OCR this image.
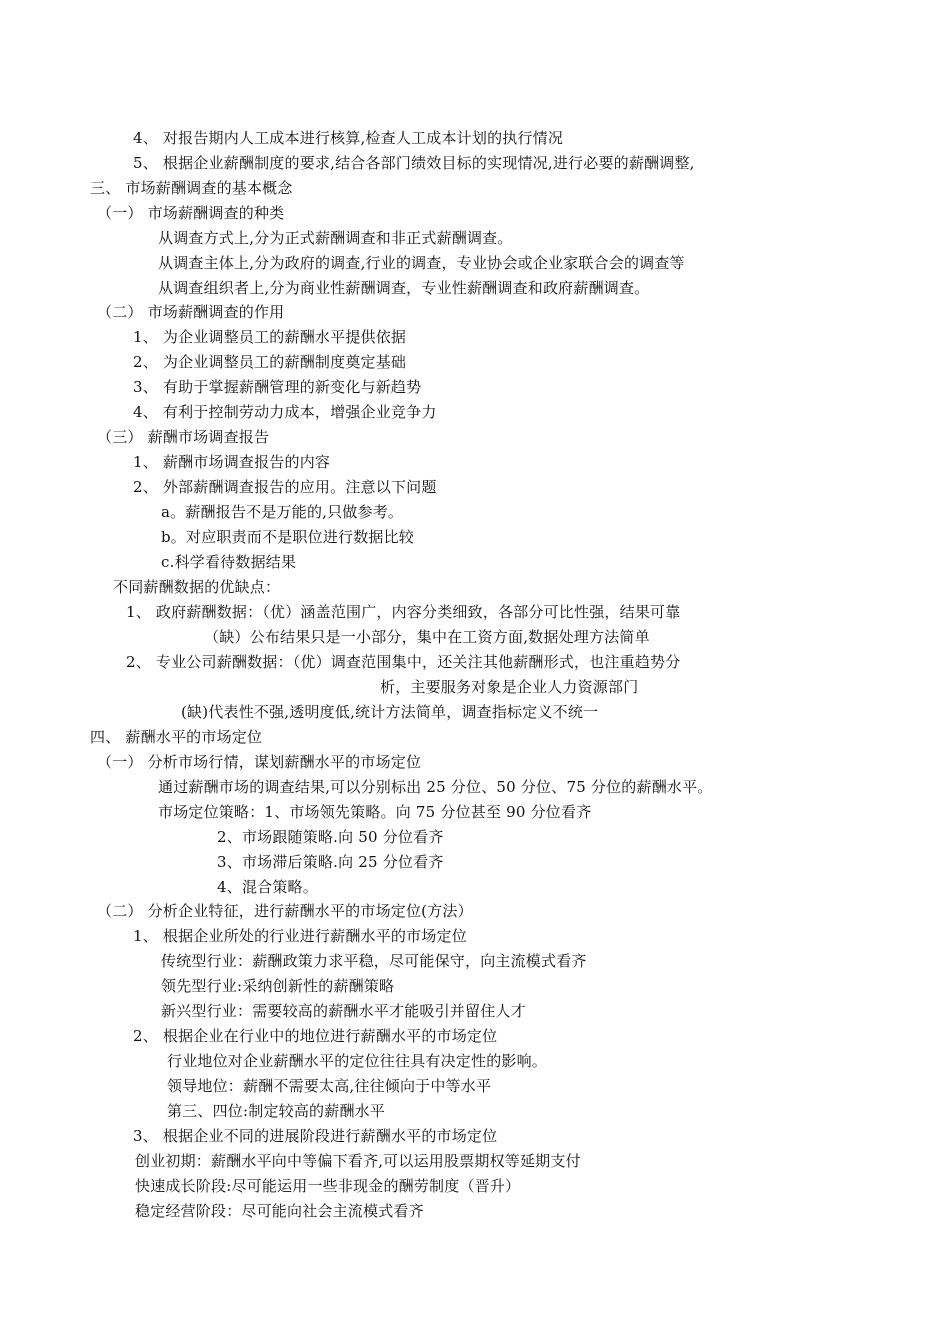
4、 对报告期内人工成本进行核算,检查人工成本计划的执行情况
5、 根据企业薪酬制度的要求,结合各部门绩效目标的实现情况,进行必要的薪酬调整,
三、 市场薪酬调查的基本概念
（一） 市场薪酬调查的种类
从调查方式上,分为正式薪酬调查和非正式薪酬调查。
从调查主体上,分为政府的调查,行业的调查，专业协会或企业家联合会的调查等
从调查组织者上,分为商业性薪酬调查，专业性薪酬调查和政府薪酬调查。
（二） 市场薪酬调查的作用
1、 为企业调整员工的薪酬水平提供依据
2、 为企业调整员工的薪酬制度奠定基础
3、 有助于掌握薪酬管理的新变化与新趋势
4、 有利于控制劳动力成本，增强企业竞争力
（三） 薪酬市场调查报告
1、 薪酬市场调查报告的内容
2、 外部薪酬调查报告的应用。注意以下问题
a。薪酬报告不是万能的,只做参考。
b。对应职责而不是职位进行数据比较
c.科学看待数据结果
不同薪酬数据的优缺点：
1、 政府薪酬数据：（优）涵盖范围广，内容分类细致，各部分可比性强，结果可靠
（缺）公布结果只是一小部分，集中在工资方面,数据处理方法简单
2、 专业公司薪酬数据：（优）调查范围集中，还关注其他薪酬形式，也注重趋势分
析，主要服务对象是企业人力资源部门
(缺)代表性不强,透明度低,统计方法简单，调查指标定义不统一
四、 薪酬水平的市场定位
（一） 分析市场行情，谋划薪酬水平的市场定位
通过薪酬市场的调查结果,可以分别标出 25 分位、50 分位、75 分位的薪酬水平。
市场定位策略：1、市场领先策略。向 75 分位甚至 90 分位看齐
2、市场跟随策略.向 50 分位看齐
3、市场滞后策略.向 25 分位看齐
4、混合策略。
（二） 分析企业特征，进行薪酬水平的市场定位(方法）
1、 根据企业所处的行业进行薪酬水平的市场定位
传统型行业：薪酬政策力求平稳，尽可能保守，向主流模式看齐
领先型行业:采纳创新性的薪酬策略
新兴型行业：需要较高的薪酬水平才能吸引并留住人才
2、 根据企业在行业中的地位进行薪酬水平的市场定位
行业地位对企业薪酬水平的定位往往具有决定性的影响。
领导地位：薪酬不需要太高,往往倾向于中等水平
第三、四位:制定较高的薪酬水平
3、 根据企业不同的进展阶段进行薪酬水平的市场定位
创业初期：薪酬水平向中等偏下看齐,可以运用股票期权等延期支付
快速成长阶段:尽可能运用一些非现金的酬劳制度（晋升）
稳定经营阶段：尽可能向社会主流模式看齐
